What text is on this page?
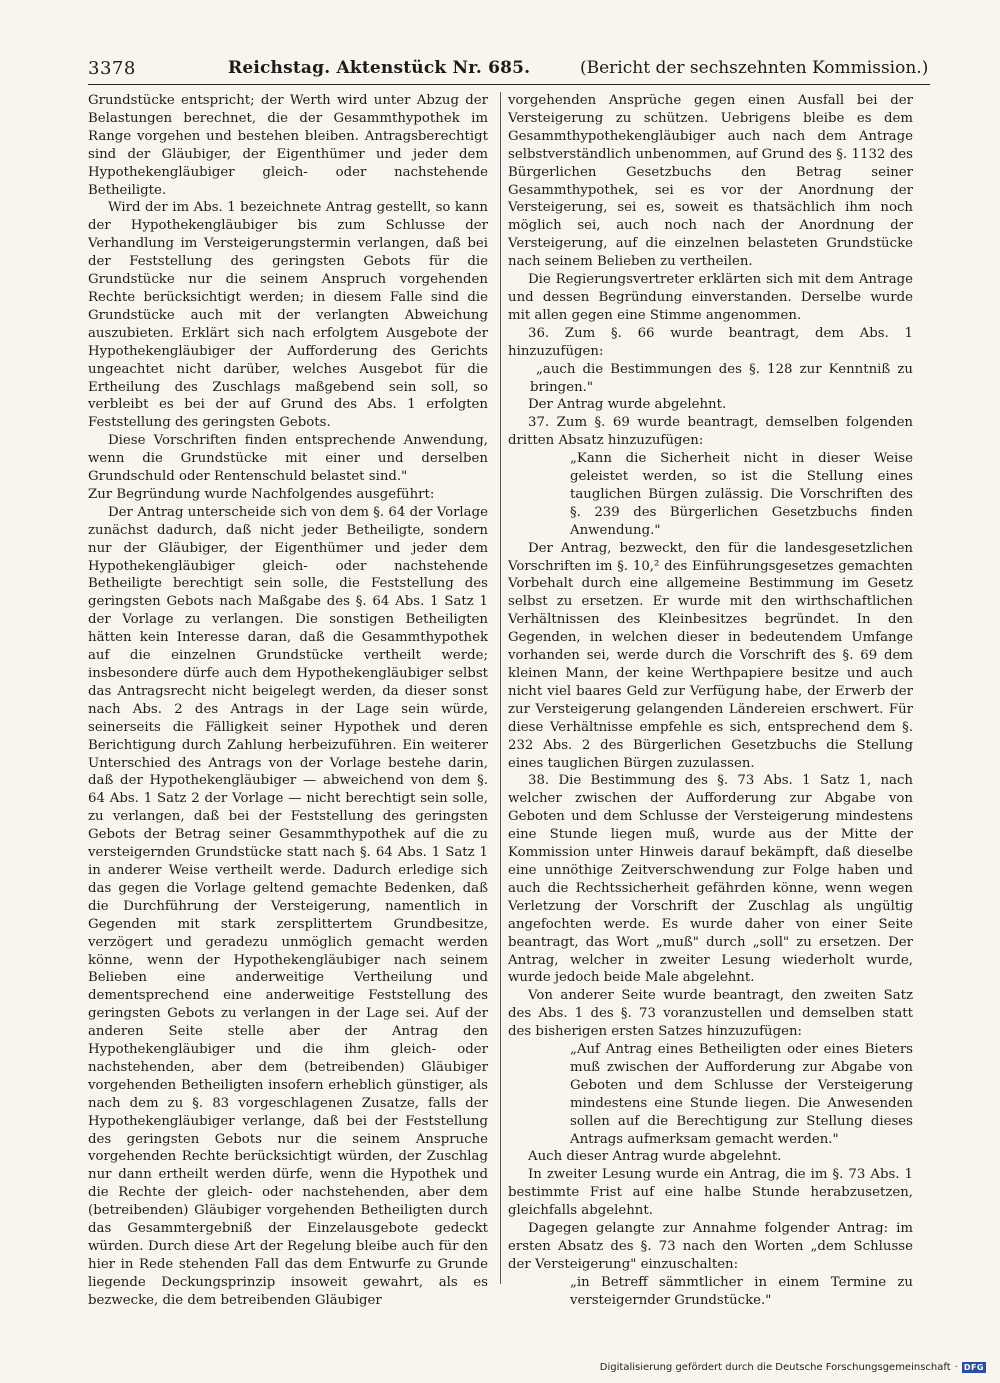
3378	Reichstag. Aktenstück Nr. 685.	(Bericht der sechszehnten Kommission.)

Grundstücke entspricht; der Werth wird unter Abzug der Belastungen berechnet, die der Gesammthypothek im Range vorgehen und bestehen bleiben. Antragsberechtigt sind der Gläubiger, der Eigenthümer und jeder dem Hypothekengläubiger gleich- oder nachstehende Betheiligte.

Wird der im Abs. 1 bezeichnete Antrag gestellt, so kann der Hypothekengläubiger bis zum Schlusse der Verhandlung im Versteigerungstermin verlangen, daß bei der Feststellung des geringsten Gebots für die Grundstücke nur die seinem Anspruch vorgehenden Rechte berücksichtigt werden; in diesem Falle sind die Grundstücke auch mit der verlangten Abweichung auszubieten. Erklärt sich nach erfolgtem Ausgebote der Hypothekengläubiger der Aufforderung des Gerichts ungeachtet nicht darüber, welches Ausgebot für die Ertheilung des Zuschlags maßgebend sein soll, so verbleibt es bei der auf Grund des Abs. 1 erfolgten Feststellung des geringsten Gebots.

Diese Vorschriften finden entsprechende Anwendung, wenn die Grundstücke mit einer und derselben Grundschuld oder Rentenschuld belastet sind."

Zur Begründung wurde Nachfolgendes ausgeführt:

Der Antrag unterscheide sich von dem §. 64 der Vorlage zunächst dadurch, daß nicht jeder Betheiligte, sondern nur der Gläubiger, der Eigenthümer und jeder dem Hypothekengläubiger gleich- oder nachstehende Betheiligte berechtigt sein solle, die Feststellung des geringsten Gebots nach Maßgabe des §. 64 Abs. 1 Satz 1 der Vorlage zu verlangen. Die sonstigen Betheiligten hätten kein Interesse daran, daß die Gesammthypothek auf die einzelnen Grundstücke vertheilt werde; insbesondere dürfe auch dem Hypothekengläubiger selbst das Antragsrecht nicht beigelegt werden, da dieser sonst nach Abs. 2 des Antrags in der Lage sein würde, seinerseits die Fälligkeit seiner Hypothek und deren Berichtigung durch Zahlung herbeizuführen. Ein weiterer Unterschied des Antrags von der Vorlage bestehe darin, daß der Hypothekengläubiger — abweichend von dem §. 64 Abs. 1 Satz 2 der Vorlage — nicht berechtigt sein solle, zu verlangen, daß bei der Feststellung des geringsten Gebots der Betrag seiner Gesammthypothek auf die zu versteigernden Grundstücke statt nach §. 64 Abs. 1 Satz 1 in anderer Weise vertheilt werde. Dadurch erledige sich das gegen die Vorlage geltend gemachte Bedenken, daß die Durchführung der Versteigerung, namentlich in Gegenden mit stark zersplittertem Grundbesitze, verzögert und geradezu unmöglich gemacht werden könne, wenn der Hypothekengläubiger nach seinem Belieben eine anderweitige Vertheilung und dementsprechend eine anderweitige Feststellung des geringsten Gebots zu verlangen in der Lage sei. Auf der anderen Seite stelle aber der Antrag den Hypothekengläubiger und die ihm gleich- oder nachstehenden, aber dem (betreibenden) Gläubiger vorgehenden Betheiligten insofern erheblich günstiger, als nach dem zu §. 83 vorgeschlagenen Zusatze, falls der Hypothekengläubiger verlange, daß bei der Feststellung des geringsten Gebots nur die seinem Anspruche vorgehenden Rechte berücksichtigt würden, der Zuschlag nur dann ertheilt werden dürfe, wenn die Hypothek und die Rechte der gleich- oder nachstehenden, aber dem (betreibenden) Gläubiger vorgehenden Betheiligten durch das Gesammtergebniß der Einzelausgebote gedeckt würden. Durch diese Art der Regelung bleibe auch für den hier in Rede stehenden Fall das dem Entwurfe zu Grunde liegende Deckungsprinzip insoweit gewahrt, als es bezwecke, die dem betreibenden Gläubiger

vorgehenden Ansprüche gegen einen Ausfall bei der Versteigerung zu schützen. Uebrigens bleibe es dem Gesammthypothekengläubiger auch nach dem Antrage selbstverständlich unbenommen, auf Grund des §. 1132 des Bürgerlichen Gesetzbuchs den Betrag seiner Gesammthypothek, sei es vor der Anordnung der Versteigerung, sei es, soweit es thatsächlich ihm noch möglich sei, auch noch nach der Anordnung der Versteigerung, auf die einzelnen belasteten Grundstücke nach seinem Belieben zu vertheilen.

Die Regierungsvertreter erklärten sich mit dem Antrage und dessen Begründung einverstanden. Derselbe wurde mit allen gegen eine Stimme angenommen.

36. Zum §. 66 wurde beantragt, dem Abs. 1 hinzuzufügen:

„auch die Bestimmungen des §. 128 zur Kenntniß zu bringen."

Der Antrag wurde abgelehnt.

37. Zum §. 69 wurde beantragt, demselben folgenden dritten Absatz hinzuzufügen:

„Kann die Sicherheit nicht in dieser Weise geleistet werden, so ist die Stellung eines tauglichen Bürgen zulässig. Die Vorschriften des §. 239 des Bürgerlichen Gesetzbuchs finden Anwendung."

Der Antrag, bezweckt, den für die landesgesetzlichen Vorschriften im §. 10,² des Einführungsgesetzes gemachten Vorbehalt durch eine allgemeine Bestimmung im Gesetz selbst zu ersetzen. Er wurde mit den wirthschaftlichen Verhältnissen des Kleinbesitzes begründet. In den Gegenden, in welchen dieser in bedeutendem Umfange vorhanden sei, werde durch die Vorschrift des §. 69 dem kleinen Mann, der keine Werthpapiere besitze und auch nicht viel baares Geld zur Verfügung habe, der Erwerb der zur Versteigerung gelangenden Ländereien erschwert. Für diese Verhältnisse empfehle es sich, entsprechend dem §. 232 Abs. 2 des Bürgerlichen Gesetzbuchs die Stellung eines tauglichen Bürgen zuzulassen.

38. Die Bestimmung des §. 73 Abs. 1 Satz 1, nach welcher zwischen der Aufforderung zur Abgabe von Geboten und dem Schlusse der Versteigerung mindestens eine Stunde liegen muß, wurde aus der Mitte der Kommission unter Hinweis darauf bekämpft, daß dieselbe eine unnöthige Zeitverschwendung zur Folge haben und auch die Rechtssicherheit gefährden könne, wenn wegen Verletzung der Vorschrift der Zuschlag als ungültig angefochten werde. Es wurde daher von einer Seite beantragt, das Wort „muß" durch „soll" zu ersetzen. Der Antrag, welcher in zweiter Lesung wiederholt wurde, wurde jedoch beide Male abgelehnt.

Von anderer Seite wurde beantragt, den zweiten Satz des Abs. 1 des §. 73 voranzustellen und demselben statt des bisherigen ersten Satzes hinzuzufügen:

„Auf Antrag eines Betheiligten oder eines Bieters muß zwischen der Aufforderung zur Abgabe von Geboten und dem Schlusse der Versteigerung mindestens eine Stunde liegen. Die Anwesenden sollen auf die Berechtigung zur Stellung dieses Antrags aufmerksam gemacht werden."

Auch dieser Antrag wurde abgelehnt.

In zweiter Lesung wurde ein Antrag, die im §. 73 Abs. 1 bestimmte Frist auf eine halbe Stunde herabzusetzen, gleichfalls abgelehnt.

Dagegen gelangte zur Annahme folgender Antrag: im ersten Absatz des §. 73 nach den Worten „dem Schlusse der Versteigerung" einzuschalten:

„in Betreff sämmtlicher in einem Termine zu versteigernder Grundstücke."

Digitalisierung gefördert durch die Deutsche Forschungsgemeinschaft · DFG
